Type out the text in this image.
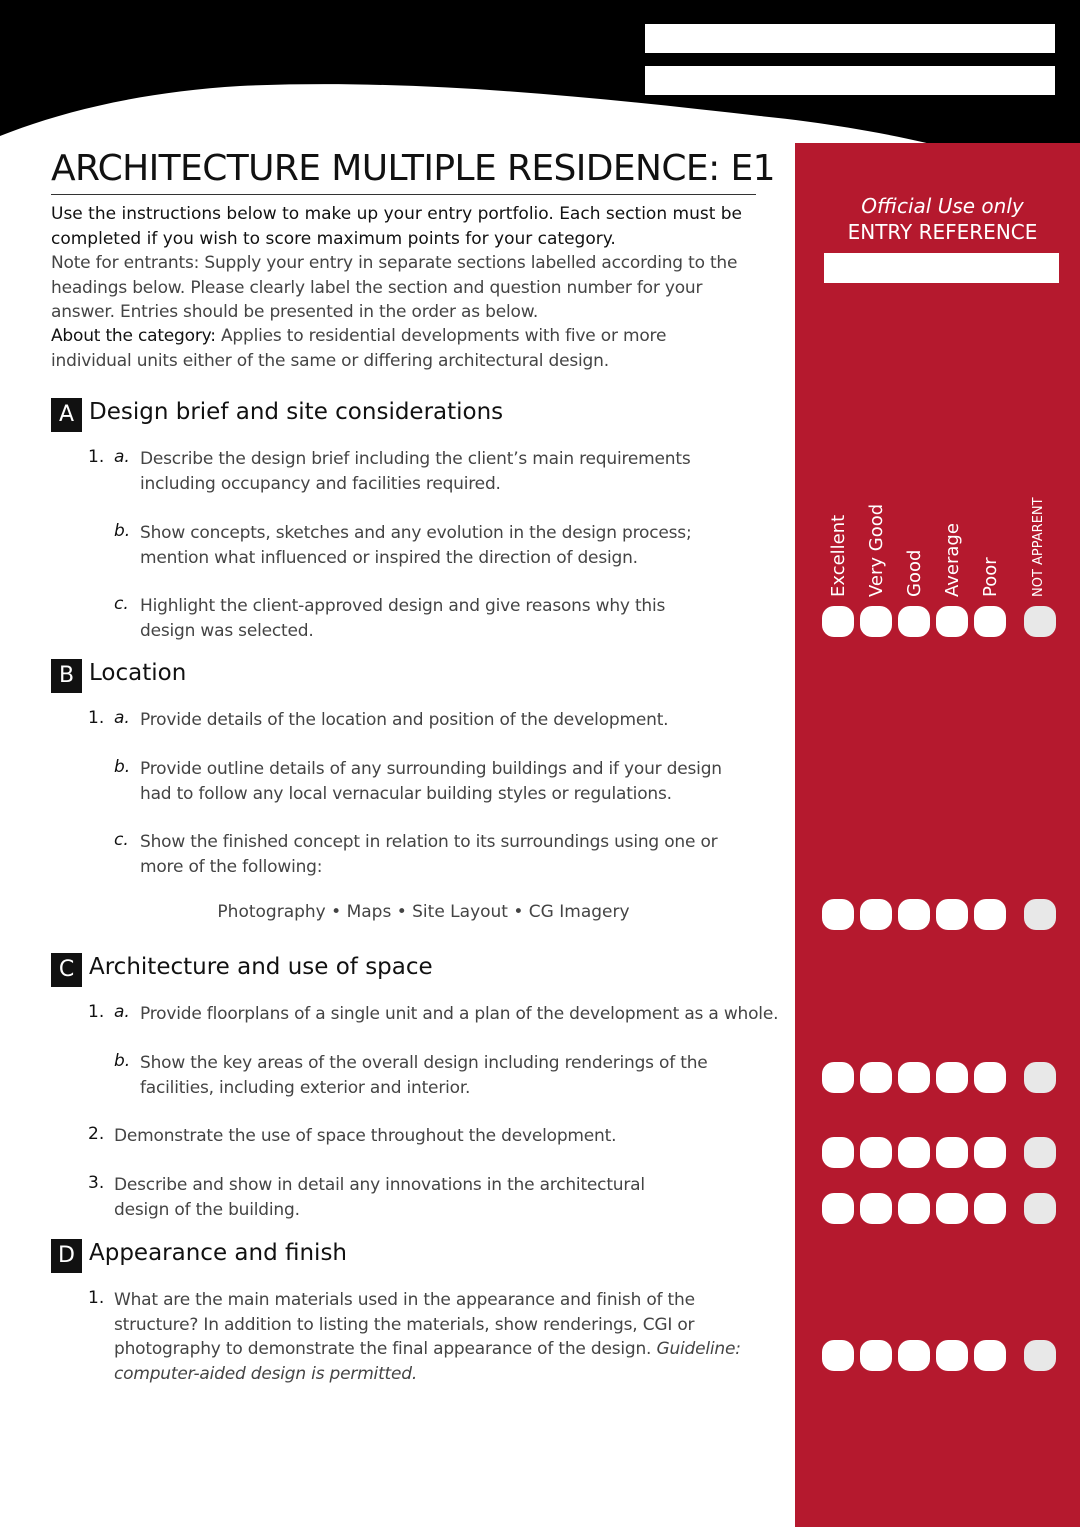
Official Use only
ENTRY REFERENCE
Excellent Very Good Good Average Poor NOT APPARENT
ARCHITECTURE MULTIPLE RESIDENCE: E1
Use the instructions below to make up your entry portfolio. Each section must be completed if you wish to score maximum points for your category.
Note for entrants: Supply your entry in separate sections labelled according to the headings below. Please clearly label the section and question number for your answer. Entries should be presented in the order as below.
About the category: Applies to residential developments with five or more individual units either of the same or differing architectural design.
A Design brief and site considerations
1. a. Describe the design brief including the client’s main requirements including occupancy and facilities required.
b. Show concepts, sketches and any evolution in the design process; mention what influenced or inspired the direction of design.
c. Highlight the client-approved design and give reasons why this design was selected.
B Location
1. a. Provide details of the location and position of the development.
b. Provide outline details of any surrounding buildings and if your design had to follow any local vernacular building styles or regulations.
c. Show the finished concept in relation to its surroundings using one or more of the following:
Photography • Maps • Site Layout • CG Imagery
C Architecture and use of space
1. a. Provide floorplans of a single unit and a plan of the development as a whole.
b. Show the key areas of the overall design including renderings of the facilities, including exterior and interior.
2. Demonstrate the use of space throughout the development.
3. Describe and show in detail any innovations in the architectural design of the building.
D Appearance and finish
1. What are the main materials used in the appearance and finish of the structure? In addition to listing the materials, show renderings, CGI or photography to demonstrate the final appearance of the design. Guideline: computer-aided design is permitted.
